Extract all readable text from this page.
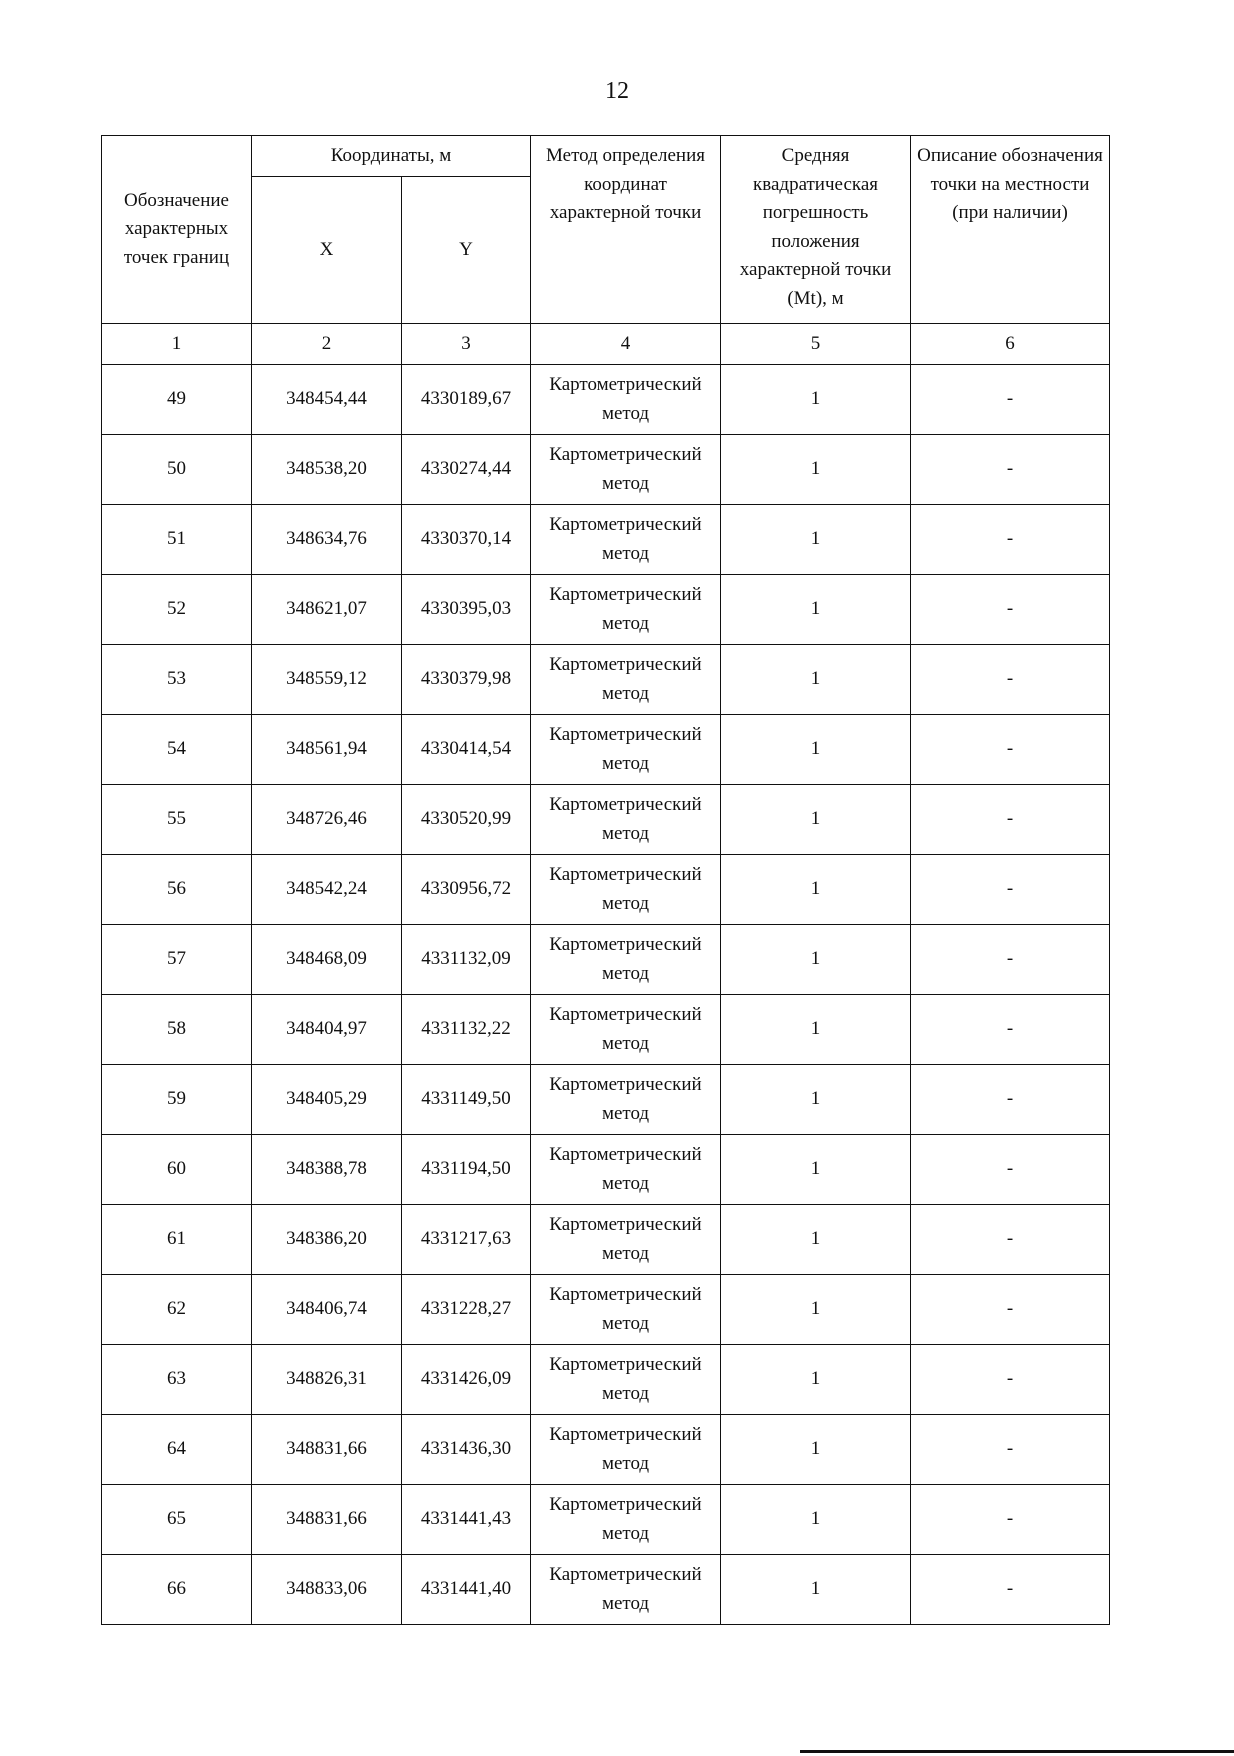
12
Обозначение характерных точек границ	Координаты, м		Метод определения координат характерной точки	Средняя квадратическая погрешность положения характерной точки (Mt), м	Описание обозначения точки на местности (при наличии)
	X	Y			
1	2	3	4	5	6
49	348454,44	4330189,67	Картометрический метод	1	-
50	348538,20	4330274,44	Картометрический метод	1	-
51	348634,76	4330370,14	Картометрический метод	1	-
52	348621,07	4330395,03	Картометрический метод	1	-
53	348559,12	4330379,98	Картометрический метод	1	-
54	348561,94	4330414,54	Картометрический метод	1	-
55	348726,46	4330520,99	Картометрический метод	1	-
56	348542,24	4330956,72	Картометрический метод	1	-
57	348468,09	4331132,09	Картометрический метод	1	-
58	348404,97	4331132,22	Картометрический метод	1	-
59	348405,29	4331149,50	Картометрический метод	1	-
60	348388,78	4331194,50	Картометрический метод	1	-
61	348386,20	4331217,63	Картометрический метод	1	-
62	348406,74	4331228,27	Картометрический метод	1	-
63	348826,31	4331426,09	Картометрический метод	1	-
64	348831,66	4331436,30	Картометрический метод	1	-
65	348831,66	4331441,43	Картометрический метод	1	-
66	348833,06	4331441,40	Картометрический метод	1	-
